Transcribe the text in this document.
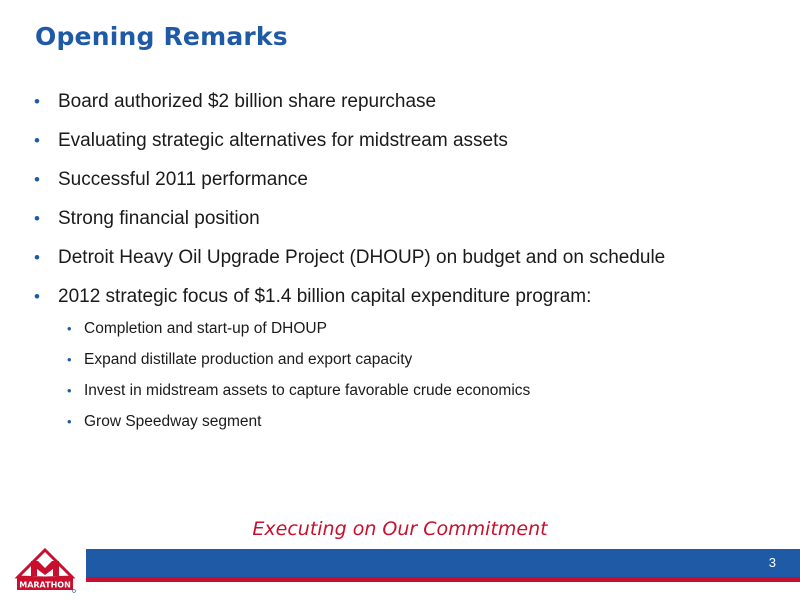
Opening Remarks
• Board authorized $2 billion share repurchase
• Evaluating strategic alternatives for midstream assets
• Successful 2011 performance
• Strong financial position
• Detroit Heavy Oil Upgrade Project (DHOUP) on budget and on schedule
• 2012 strategic focus of $1.4 billion capital expenditure program:
• Completion and start-up of DHOUP
• Expand distillate production and export capacity
• Invest in midstream assets to capture favorable crude economics
• Grow Speedway segment
Executing on Our Commitment
3
MARATHON
